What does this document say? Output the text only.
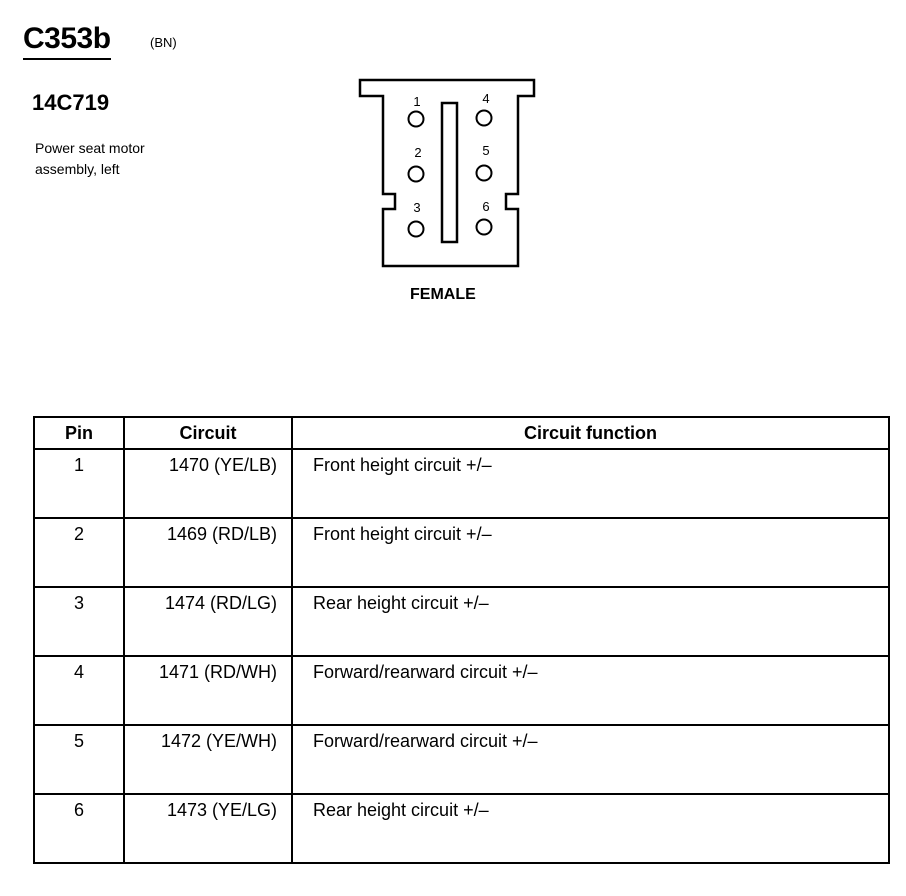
C353b	(BN)
14C719
Power seat motor
assembly, left
1
2
3
4
5
6
FEMALE
Pin	Circuit	Circuit function
1	1470 (YE/LB)	Front height circuit +/–
2	1469 (RD/LB)	Front height circuit +/–
3	1474 (RD/LG)	Rear height circuit +/–
4	1471 (RD/WH)	Forward/rearward circuit +/–
5	1472 (YE/WH)	Forward/rearward circuit +/–
6	1473 (YE/LG)	Rear height circuit +/–
